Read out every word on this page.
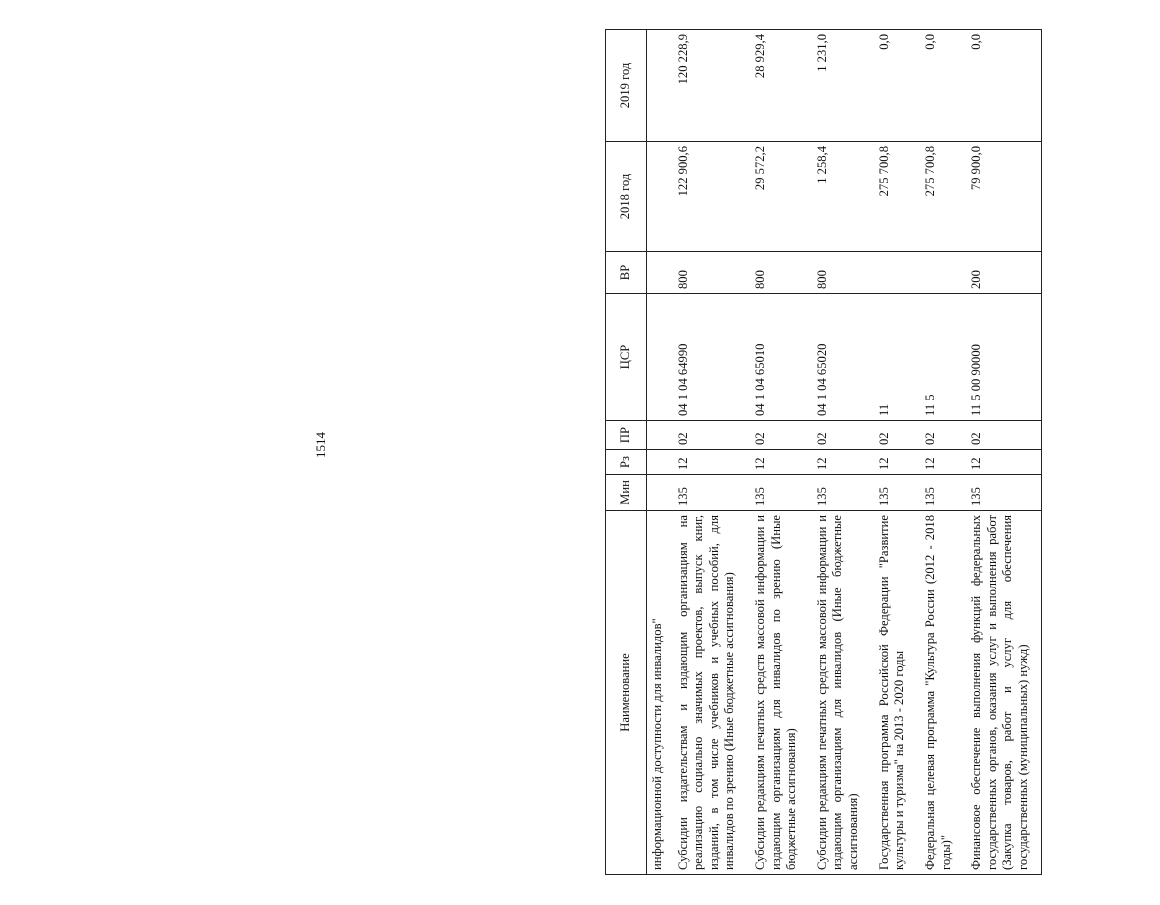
1514
Наименование	Мин	Рз	ПР	ЦСР	ВР	2018 год	2019 год
информационной доступности для инвалидов"							
Субсидии издательствам и издающим организациям на реализацию социально значимых проектов, выпуск книг, изданий, в том числе учебников и учебных пособий, для инвалидов по зрению (Иные бюджетные ассигнования)	135	12	02	04 1 04 64990	800	122 900,6	120 228,9
Субсидии редакциям печатных средств массовой информации и издающим организациям для инвалидов по зрению (Иные бюджетные ассигнования)	135	12	02	04 1 04 65010	800	29 572,2	28 929,4
Субсидии редакциям печатных средств массовой информации и издающим организациям для инвалидов (Иные бюджетные ассигнования)	135	12	02	04 1 04 65020	800	1 258,4	1 231,0
Государственная программа Российской Федерации "Развитие культуры и туризма" на 2013 - 2020 годы	135	12	02	11		275 700,8	0,0
Федеральная целевая программа "Культура России (2012 - 2018 годы)"	135	12	02	11 5		275 700,8	0,0
Финансовое обеспечение выполнения функций федеральных государственных органов, оказания услуг и выполнения работ (Закупка товаров, работ и услуг для обеспечения государственных (муниципальных) нужд)	135	12	02	11 5 00 90000	200	79 900,0	0,0
